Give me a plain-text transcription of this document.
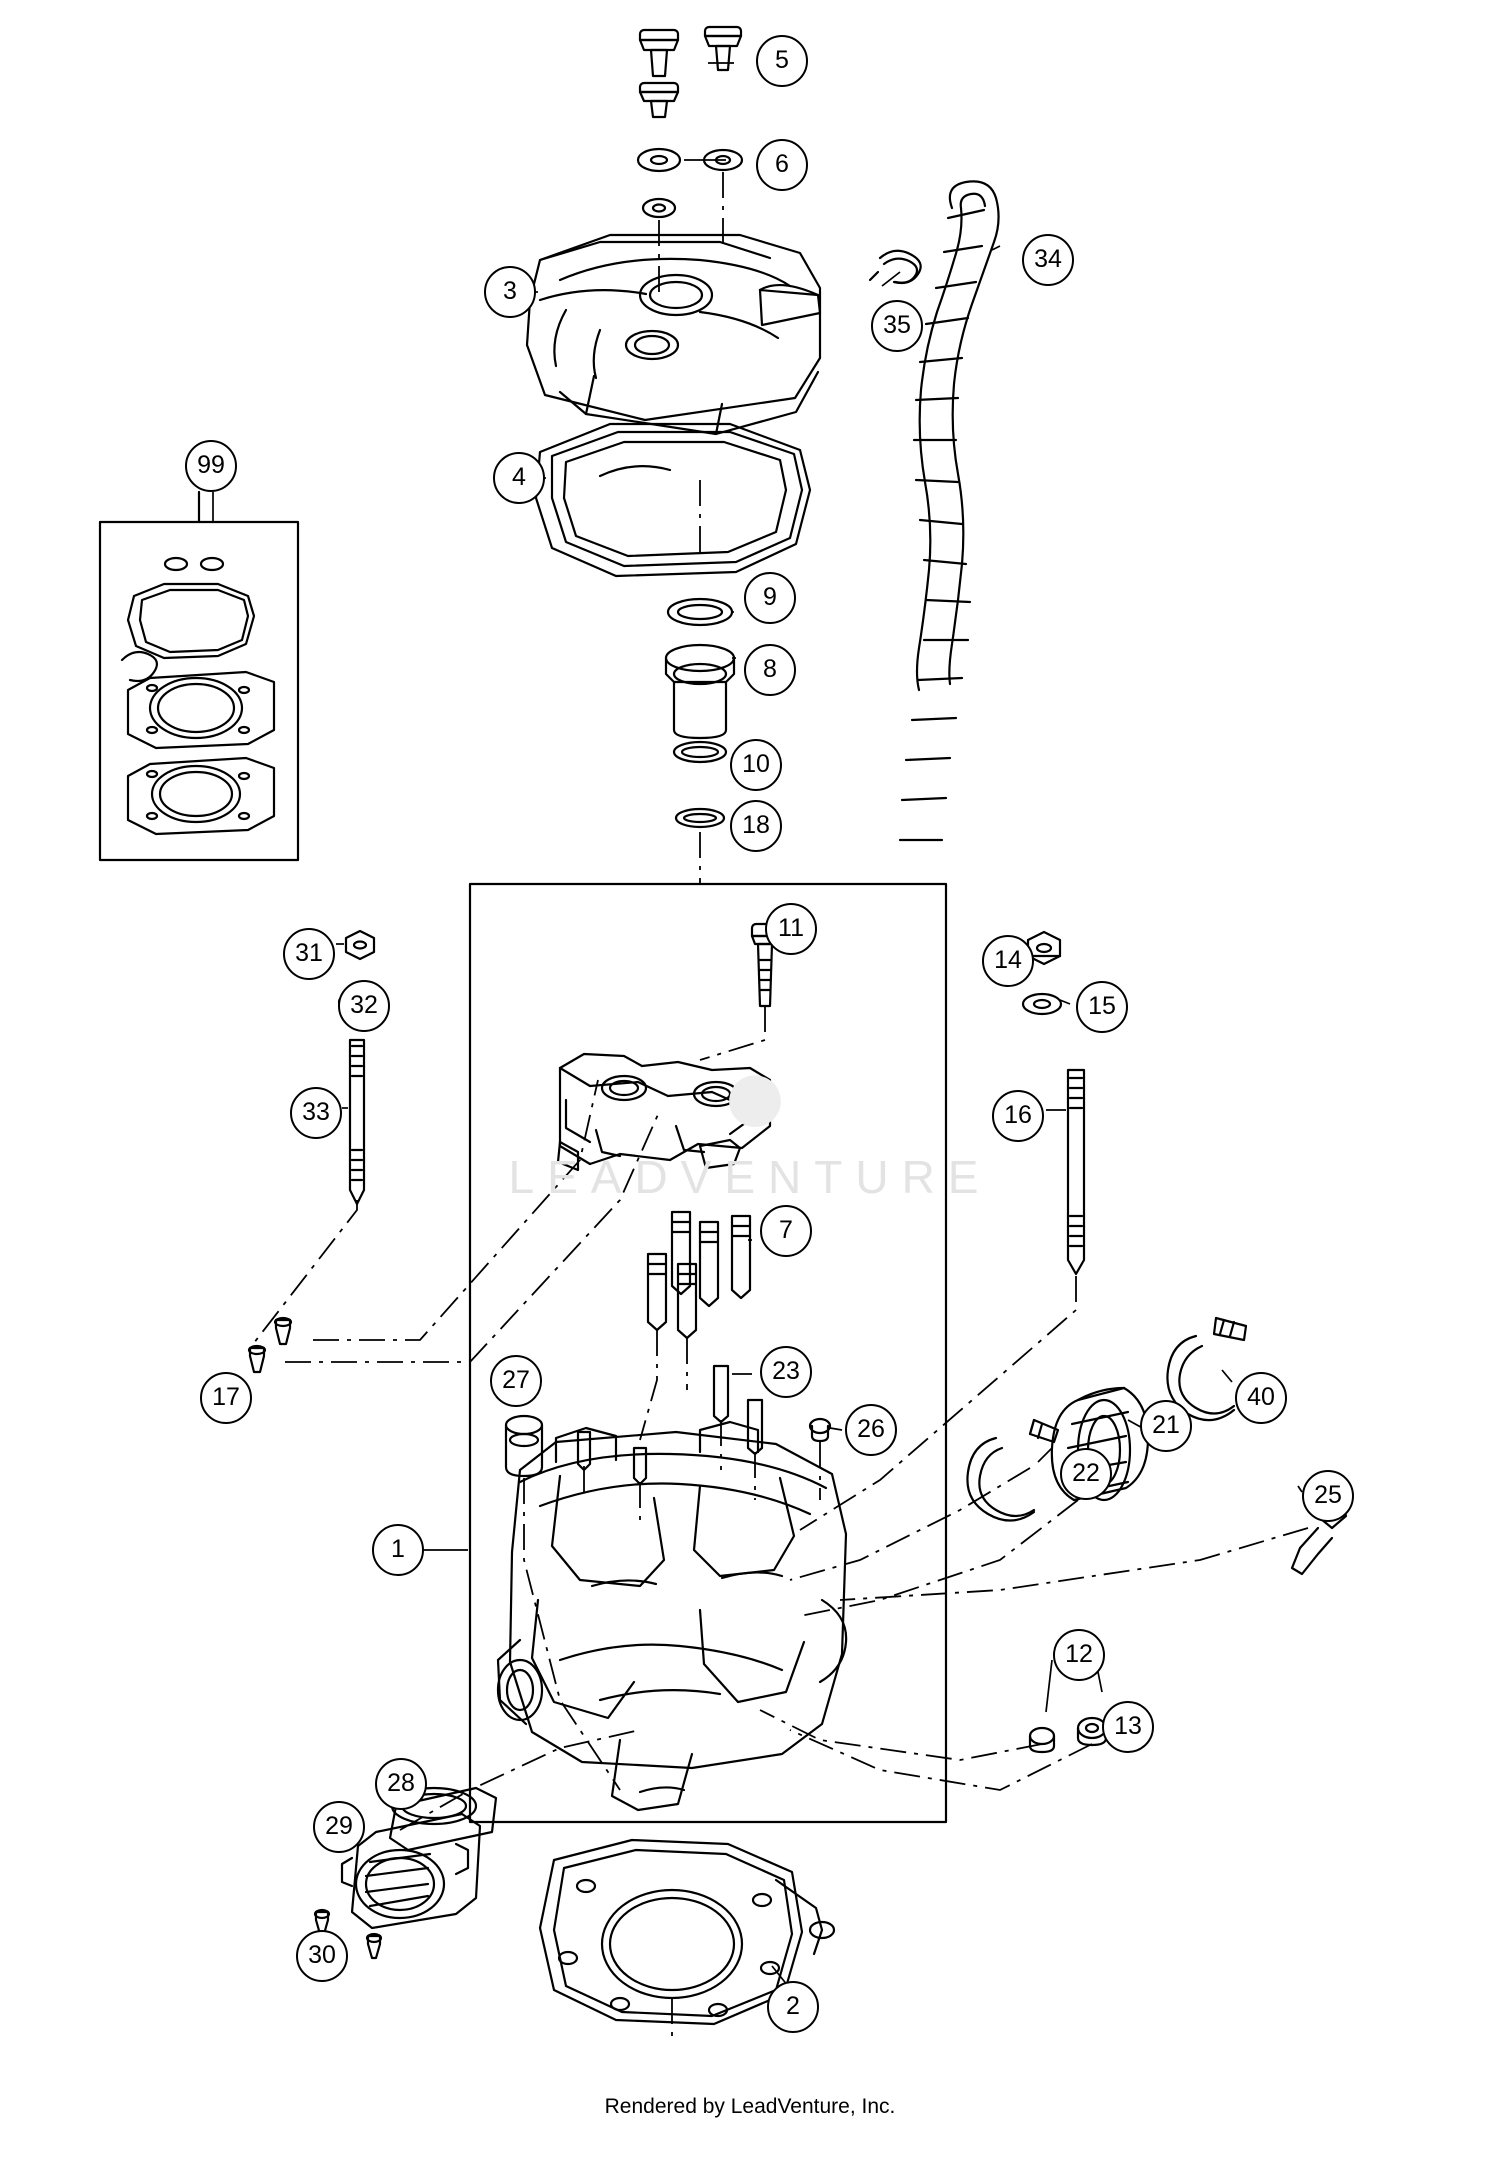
●
LEADVENTURE
1
2
3
4
5
6
7
8
9
10
11
12
13
14
15
16
17
18
21
22
23
25
26
27
28
29
30
31
32
33
34
35
40
99
Rendered by LeadVenture, Inc.
